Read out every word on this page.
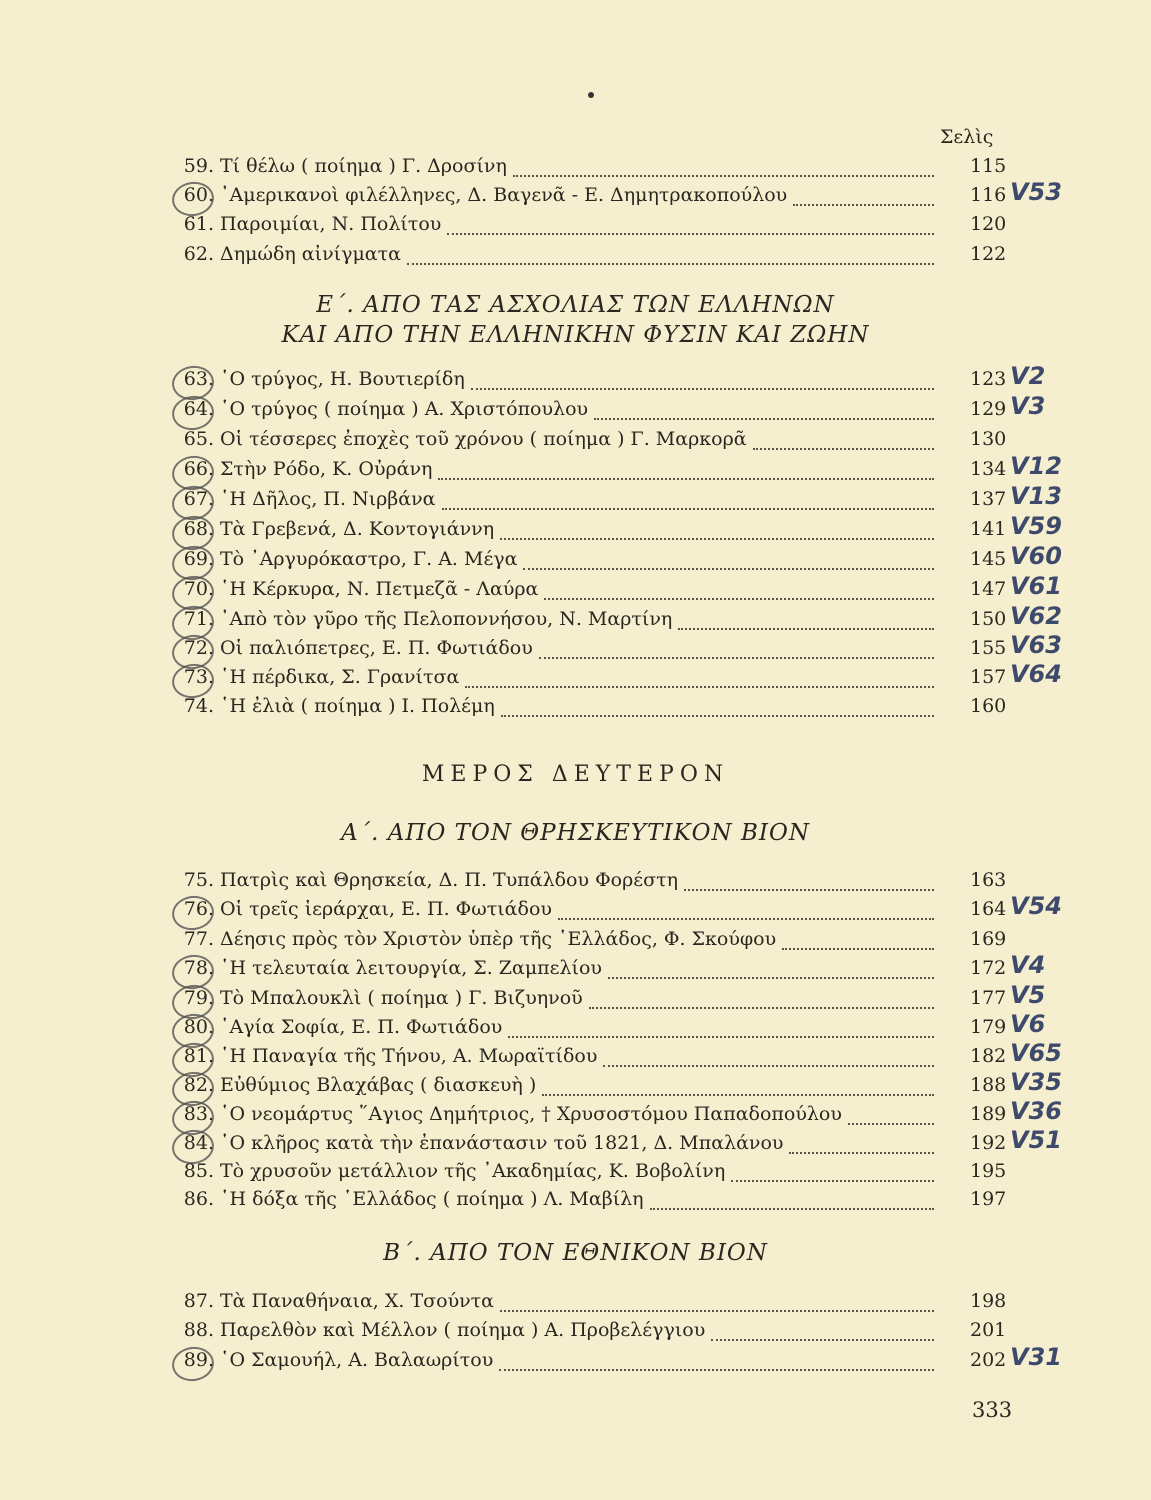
Σελὶς
Ε΄. ΑΠΟ ΤΑΣ ΑΣΧΟΛΙΑΣ ΤΩΝ ΕΛΛΗΝΩΝ
ΚΑΙ ΑΠΟ ΤΗΝ ΕΛΛΗΝΙΚΗΝ ΦΥΣΙΝ ΚΑΙ ΖΩΗΝ
ΜΕΡΟΣ ΔΕΥΤΕΡΟΝ
Α΄. ΑΠΟ ΤΟΝ ΘΡΗΣΚΕΥΤΙΚΟΝ ΒΙΟΝ
Β΄. ΑΠΟ ΤΟΝ ΕΘΝΙΚΟΝ ΒΙΟΝ
59. Τί θέλω ( ποίημα ) Γ. Δροσίνη	115
60. ᾿Αμερικανοὶ φιλέλληνες, Δ. Βαγενᾶ - Ε. Δημητρακοπούλου	116 V53
61. Παροιμίαι, Ν. Πολίτου	120
62. Δημώδη αἰνίγματα	122
63. ῾Ο τρύγος, Η. Βουτιερίδη	123 V2
64. ῾Ο τρύγος ( ποίημα ) Α. Χριστόπουλου	129 V3
65. Οἱ τέσσερες ἐποχὲς τοῦ χρόνου ( ποίημα ) Γ. Μαρκορᾶ	130
66. Στὴν Ρόδο, Κ. Οὐράνη	134 V12
67. ῾Η Δῆλος, Π. Νιρβάνα	137 V13
68. Τὰ Γρεβενά, Δ. Κοντογιάννη	141 V59
69. Τὸ ᾿Αργυρόκαστρο, Γ. Α. Μέγα	145 V60
70. ῾Η Κέρκυρα, Ν. Πετμεζᾶ - Λαύρα	147 V61
71. ᾿Απὸ τὸν γῦρο τῆς Πελοποννήσου, Ν. Μαρτίνη	150 V62
72. Οἱ παλιόπετρες, Ε. Π. Φωτιάδου	155 V63
73. ῾Η πέρδικα, Σ. Γρανίτσα	157 V64
74. ῾Η ἐλιὰ ( ποίημα ) Ι. Πολέμη	160
75. Πατρὶς καὶ Θρησκεία, Δ. Π. Τυπάλδου Φορέστη	163
76. Οἱ τρεῖς ἱεράρχαι, Ε. Π. Φωτιάδου	164 V54
77. Δέησις πρὸς τὸν Χριστὸν ὑπὲρ τῆς ῾Ελλάδος, Φ. Σκούφου	169
78. ῾Η τελευταία λειτουργία, Σ. Ζαμπελίου	172 V4
79. Τὸ Μπαλουκλὶ ( ποίημα ) Γ. Βιζυηνοῦ	177 V5
80. ῾Αγία Σοφία, Ε. Π. Φωτιάδου	179 V6
81. ῾Η Παναγία τῆς Τήνου, Α. Μωραϊτίδου	182 V65
82. Εὐθύμιος Βλαχάβας ( διασκευὴ )	188 V35
83. ῾Ο νεομάρτυς ῞Αγιος Δημήτριος, † Χρυσοστόμου Παπαδοπούλου	189 V36
84. ῾Ο κλῆρος κατὰ τὴν ἐπανάστασιν τοῦ 1821, Δ. Μπαλάνου	192 V51
85. Τὸ χρυσοῦν μετάλλιον τῆς ᾿Ακαδημίας, Κ. Βοβολίνη	195
86. ῾Η δόξα τῆς ῾Ελλάδος ( ποίημα ) Λ. Μαβίλη	197
87. Τὰ Παναθήναια, Χ. Τσούντα	198
88. Παρελθὸν καὶ Μέλλον ( ποίημα ) Α. Προβελέγγιου	201
89. ῾Ο Σαμουήλ, Α. Βαλαωρίτου	202 V31
333
